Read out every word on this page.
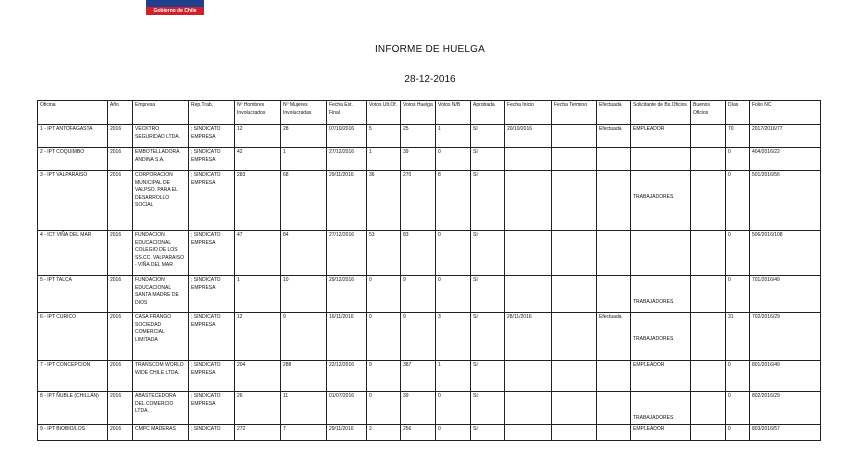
Gobierno de Chile
INFORME DE HUELGA
28-12-2016
Oficina	Año	Empresa	Rep.Trab.	Nº Hombres Involucrados	Nº Mujeres Involucradas	Fecha Est. Final	Votos Ult.Of.	Votos Huelga	Votos N/B	Aprobada	Fecha Inicio	Fecha Termino	Efectuada	Solicitante de Bs.Oficios	Buenos Oficios	Días	Folio NC
1 - IPT ANTOFAGASTA	2016	VECKTRO SEGURIDAD LTDA.	; SINDICATO EMPRESA	12	28	07/10/2016	5	25	1	SI	20/10/2016		Efectuada	EMPLEADOR		70	2017/2016/77
2 - IPT COQUIMBO	2016	EMBOTELLADORA ANDINA S.A.	; SINDICATO EMPRESA	42	1	27/12/2016	1	39	0	SI						0	404/2016/22
3 - IPT VALPARAISO	2016	CORPORACION MUNICIPAL DE VALPSO. PARA EL DESARROLLO SOCIAL	; SINDICATO EMPRESA	283	68	29/11/2016	36	270	8	SI				TRABAJADORES		0	501/2016/56
4 - ICT VIÑA DEL MAR	2016	FUNDACION EDUCACIONAL COLEGIO DE LOS SS.CC. VALPARAISO - VIÑA DEL MAR	; SINDICATO EMPRESA	47	84	27/12/2016	53	83	0	SI						0	506/2016/108
5 - IPT TALCA	2016	FUNDACION EDUCACIONAL SANTA MADRE DE DIOS	; SINDICATO EMPRESA	1	10	29/12/2016	0	9	0	SI				TRABAJADORES		0	701/2016/49
6 - IPT CURICO	2016	CASA FRANGO SOCIEDAD COMERCIAL LIMITADA	; SINDICATO EMPRESA	12	9	16/11/2016	0	9	3	SI	28/11/2016		Efectuada	TRABAJADORES		31	702/2016/29
7 - IPT CONCEPCION	2016	TRANSCOM WORLD WIDE CHILE LTDA.	; SINDICATO EMPRESA	204	288	22/12/2016	9	387	1	SI				EMPLEADOR		0	801/2016/49
8 - IPT ÑUBLE (CHILLAN)	2016	ABASTECEDORA DEL COMERCIO LTDA.	; SINDICATO EMPRESA	26	11	01/07/2016	0	39	0	SI				TRABAJADORES		0	802/2016/29
9 - IPT BIOBIO/LOS	2016	CMPC MADERAS	; SINDICATO	272	7	29/11/2016	2	256	0	SI				EMPLEADOR		0	803/2016/57
